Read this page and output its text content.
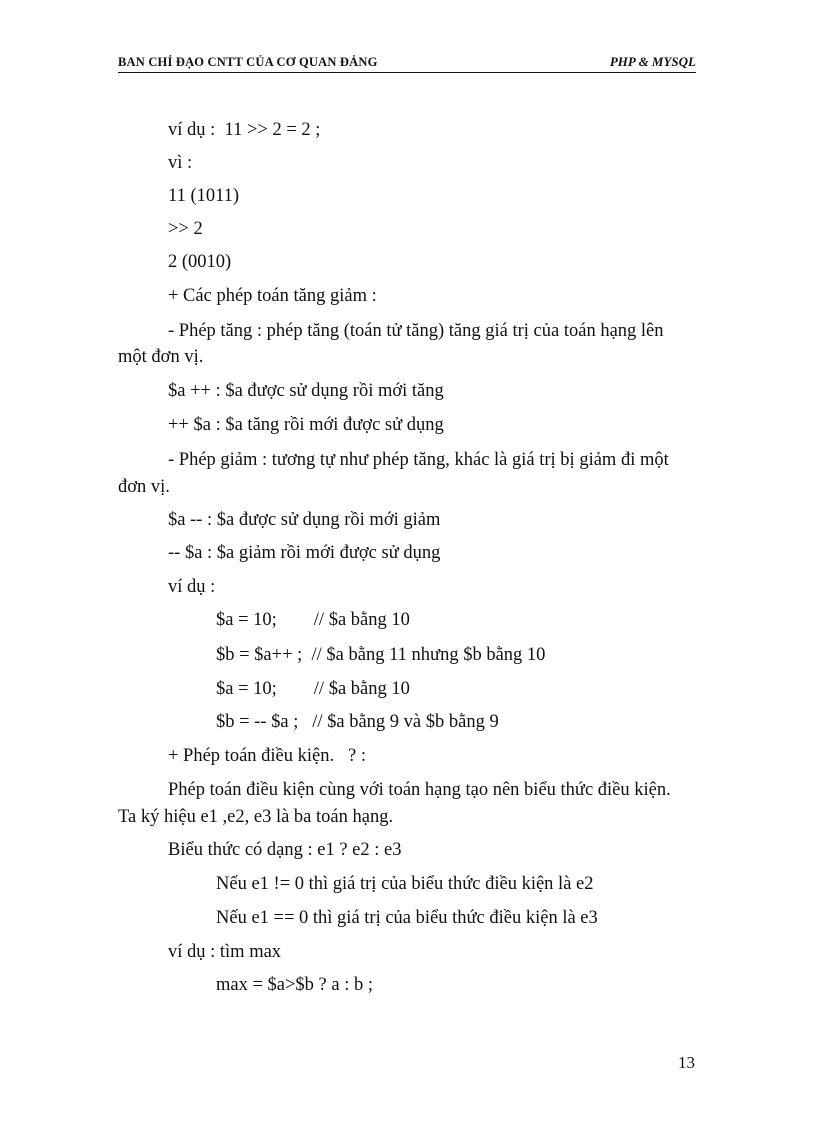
BAN CHỈ ĐẠO CNTT CỦA CƠ QUAN ĐẢNG	PHP & MYSQL
ví dụ :  11 >> 2 = 2 ;
vì :
11 (1011)
>> 2
2 (0010)
+ Các phép toán tăng giảm :
- Phép tăng : phép tăng (toán tử tăng) tăng giá trị của toán hạng lên
một đơn vị.
$a ++ : $a được sử dụng rồi mới tăng
++ $a : $a tăng rồi mới được sử dụng
- Phép giảm : tương tự như phép tăng, khác là giá trị bị giảm đi một
đơn vị.
$a -- : $a được sử dụng rồi mới giảm
-- $a : $a giảm rồi mới được sử dụng
ví dụ :
$a = 10;        // $a bằng 10
$b = $a++ ;  // $a bằng 11 nhưng $b bằng 10
$a = 10;        // $a bằng 10
$b = -- $a ;   // $a bằng 9 và $b bằng 9
+ Phép toán điều kiện.   ? :
Phép toán điều kiện cùng với toán hạng tạo nên biểu thức điều kiện.
Ta ký hiệu e1 ,e2, e3 là ba toán hạng.
Biểu thức có dạng : e1 ? e2 : e3
Nếu e1 != 0 thì giá trị của biểu thức điều kiện là e2
Nếu e1 == 0 thì giá trị của biểu thức điều kiện là e3
ví dụ : tìm max
max = $a>$b ? a : b ;
13
